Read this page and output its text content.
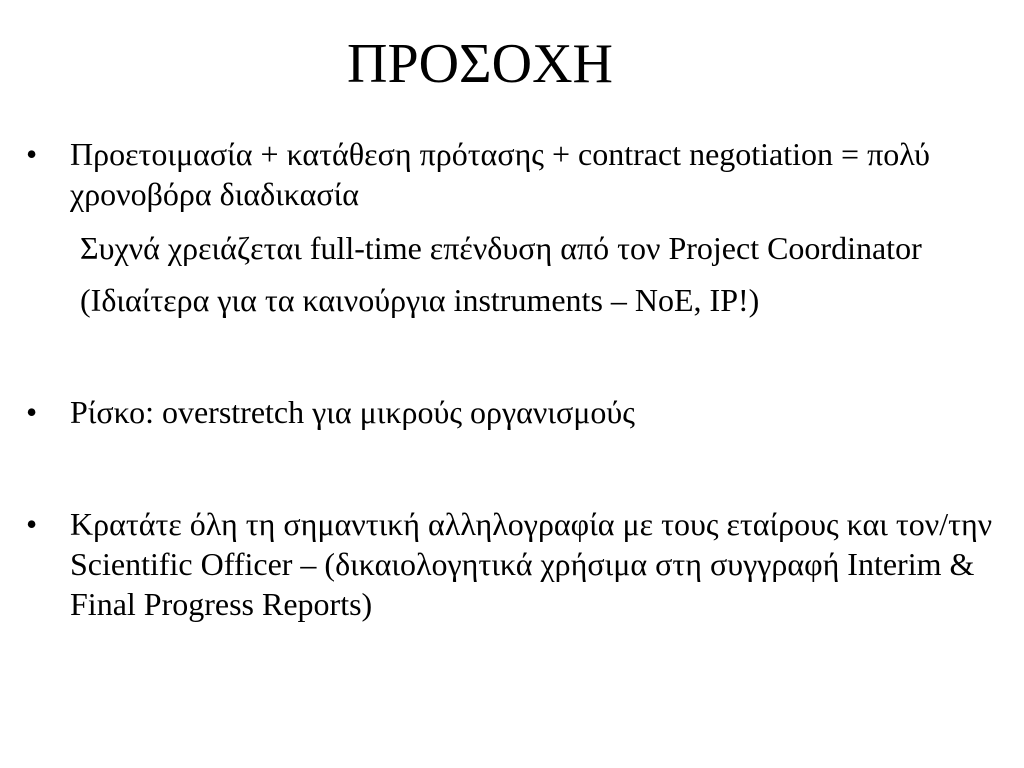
ΠΡΟΣΟΧΗ
• Προετοιμασία + κατάθεση πρότασης + contract negotiation = πολύ χρονοβόρα διαδικασία
Συχνά χρειάζεται full-time επένδυση από τον Project Coordinator
(Ιδιαίτερα για τα καινούργια instruments – NoE, IP!)
• Ρίσκο: overstretch για μικρούς οργανισμούς
• Κρατάτε όλη τη σημαντική αλληλογραφία με τους εταίρους και τον/την Scientific Officer – (δικαιολογητικά χρήσιμα στη συγγραφή Interim & Final Progress Reports)
